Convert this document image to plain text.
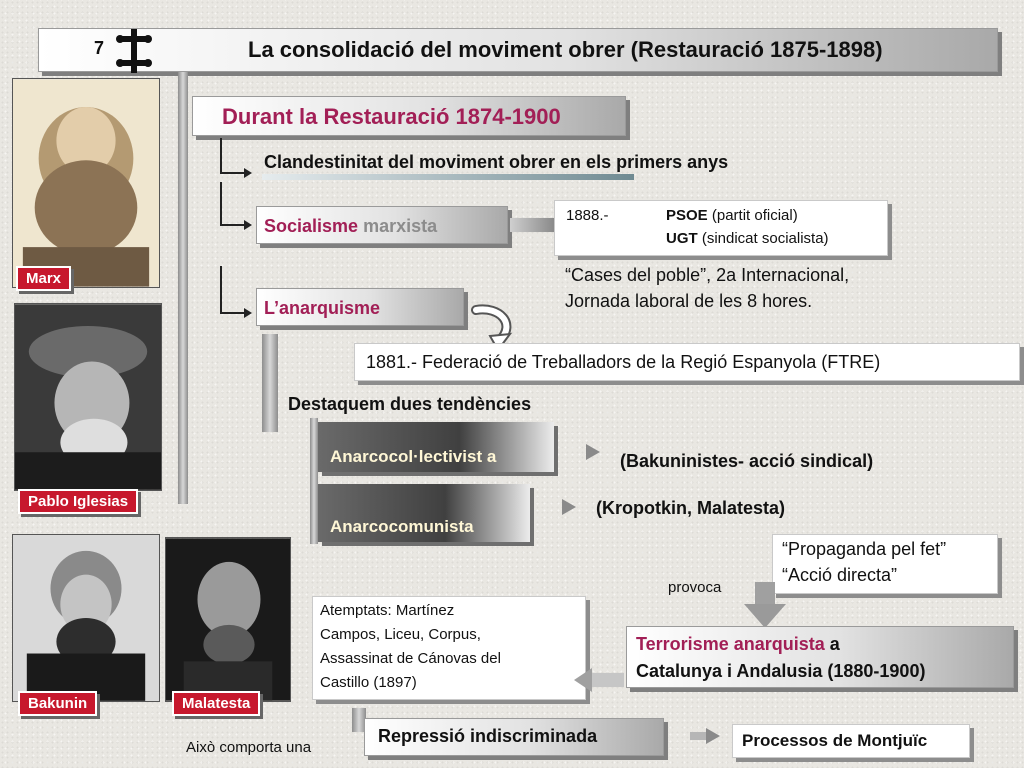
7	La consolidació del moviment obrer (Restauració 1875-1898)
Marx
Pablo Iglesias
Bakunin	Malatesta
Durant la Restauració 1874-1900
Clandestinitat del moviment obrer en els primers anys
Socialisme marxista
1888.-	PSOE (partit oficial)
UGT (sindicat socialista)
“Cases del poble”, 2a Internacional,
Jornada laboral de les 8 hores.
L’anarquisme
1881.- Federació de Treballadors de la Regió Espanyola (FTRE)
Destaquem dues tendències
Anarcocol·lectivist a	(Bakuninistes- acció sindical)
Anarcocomunista
(Kropotkin, Malatesta)
“Propaganda pel fet”
“Acció directa”
provoca
Atemptats: Martínez
Campos, Liceu, Corpus,
Assassinat de Cánovas del
Castillo (1897)
Terrorisme anarquista a
Catalunya i Andalusia (1880-1900)
Repressió indiscriminada
Això comporta una	Processos de Montjuïc
